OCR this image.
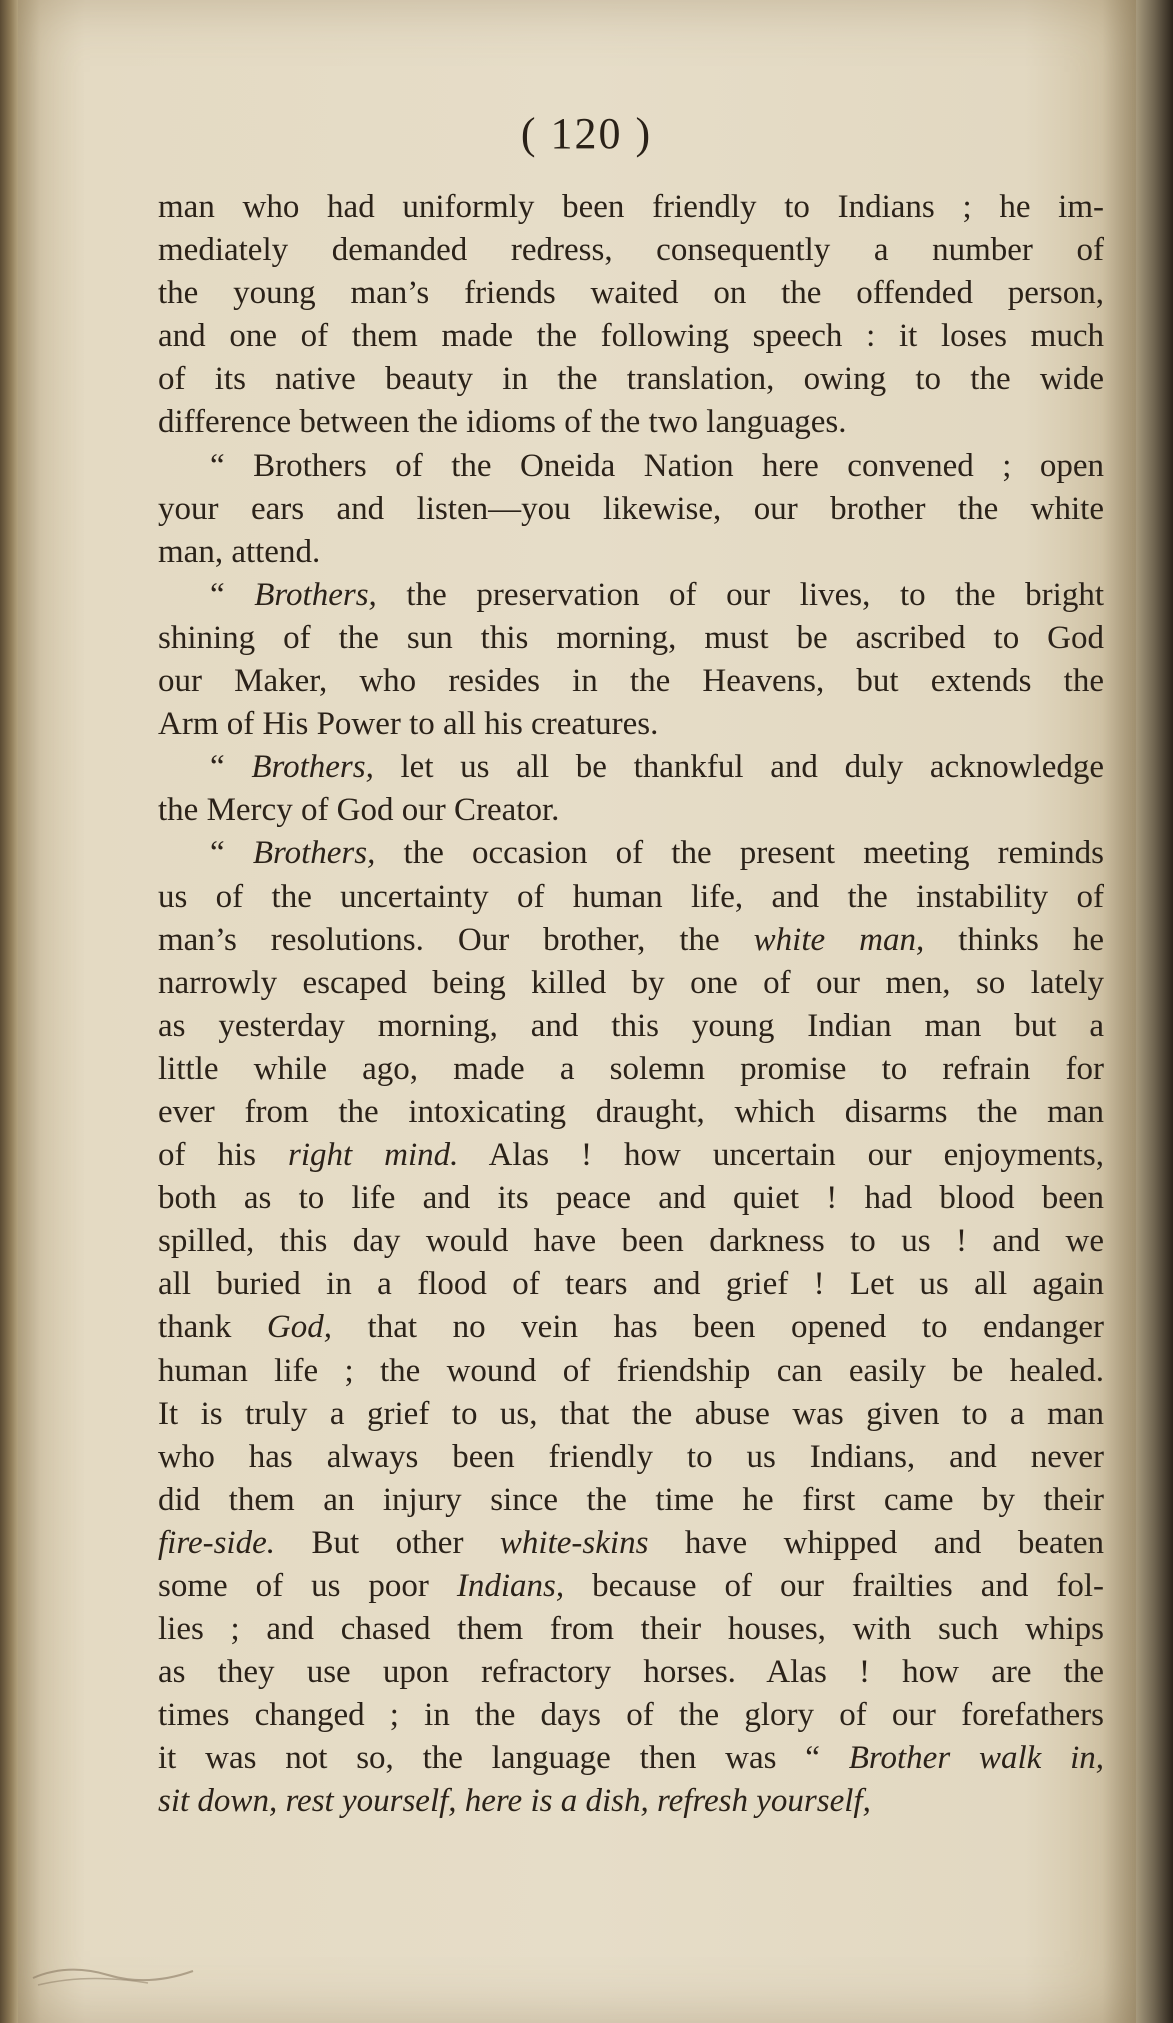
( 120 )
man who had uniformly been friendly to Indians ; he im-
mediately demanded redress, consequently a number of
the young man’s friends waited on the offended person,
and one of them made the following speech : it loses much
of its native beauty in the translation, owing to the wide
difference between the idioms of the two languages.
“ Brothers of the Oneida Nation here convened ; open
your ears and listen—you likewise, our brother the white
man, attend.
“ Brothers, the preservation of our lives, to the bright
shining of the sun this morning, must be ascribed to God
our Maker, who resides in the Heavens, but extends the
Arm of His Power to all his creatures.
“ Brothers, let us all be thankful and duly acknowledge
the Mercy of God our Creator.
“ Brothers, the occasion of the present meeting reminds
us of the uncertainty of human life, and the instability of
man’s resolutions. Our brother, the white man, thinks he
narrowly escaped being killed by one of our men, so lately
as yesterday morning, and this young Indian man but a
little while ago, made a solemn promise to refrain for
ever from the intoxicating draught, which disarms the man
of his right mind. Alas ! how uncertain our enjoyments,
both as to life and its peace and quiet ! had blood been
spilled, this day would have been darkness to us ! and we
all buried in a flood of tears and grief ! Let us all again
thank God, that no vein has been opened to endanger
human life ; the wound of friendship can easily be healed.
It is truly a grief to us, that the abuse was given to a man
who has always been friendly to us Indians, and never
did them an injury since the time he first came by their
fire-side. But other white-skins have whipped and beaten
some of us poor Indians, because of our frailties and fol-
lies ; and chased them from their houses, with such whips
as they use upon refractory horses. Alas ! how are the
times changed ; in the days of the glory of our forefathers
it was not so, the language then was “ Brother walk in,
sit down, rest yourself, here is a dish, refresh yourself,
